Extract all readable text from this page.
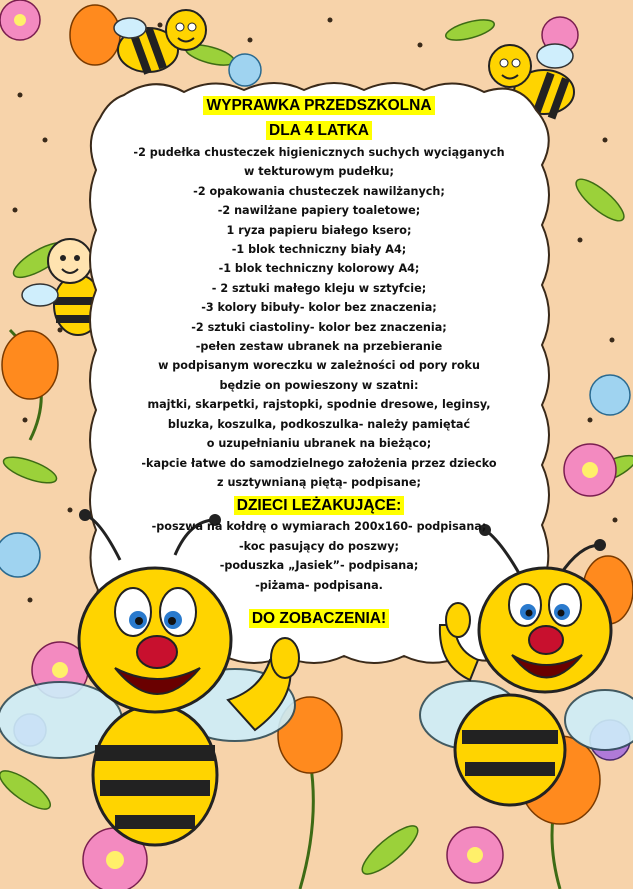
WYPRAWKA PRZEDSZKOLNA
DLA 4 LATKA
-2 pudełka chusteczek higienicznych suchych wyciąganych
w tekturowym pudełku;
-2 opakowania chusteczek nawilżanych;
-2 nawilżane papiery toaletowe;
1 ryza papieru białego ksero;
-1 blok techniczny biały A4;
-1 blok techniczny kolorowy A4;
- 2 sztuki małego kleju w sztyfcie;
-3 kolory bibuły- kolor bez znaczenia;
-2 sztuki ciastoliny- kolor bez znaczenia;
-pełen zestaw ubranek na przebieranie
w podpisanym woreczku w zależności od pory roku
będzie on powieszony w szatni:
majtki, skarpetki, rajstopki, spodnie dresowe, leginsy,
bluzka, koszulka, podkoszulka- należy pamiętać
o uzupełnianiu ubranek na bieżąco;
-kapcie łatwe do samodzielnego założenia przez dziecko
z usztywnianą piętą- podpisane;
DZIECI LEŻAKUJĄCE:
-poszwa na kołdrę o wymiarach 200x160- podpisana;
-koc pasujący do poszwy;
-poduszka „Jasiek”- podpisana;
-piżama- podpisana.
DO ZOBACZENIA!
